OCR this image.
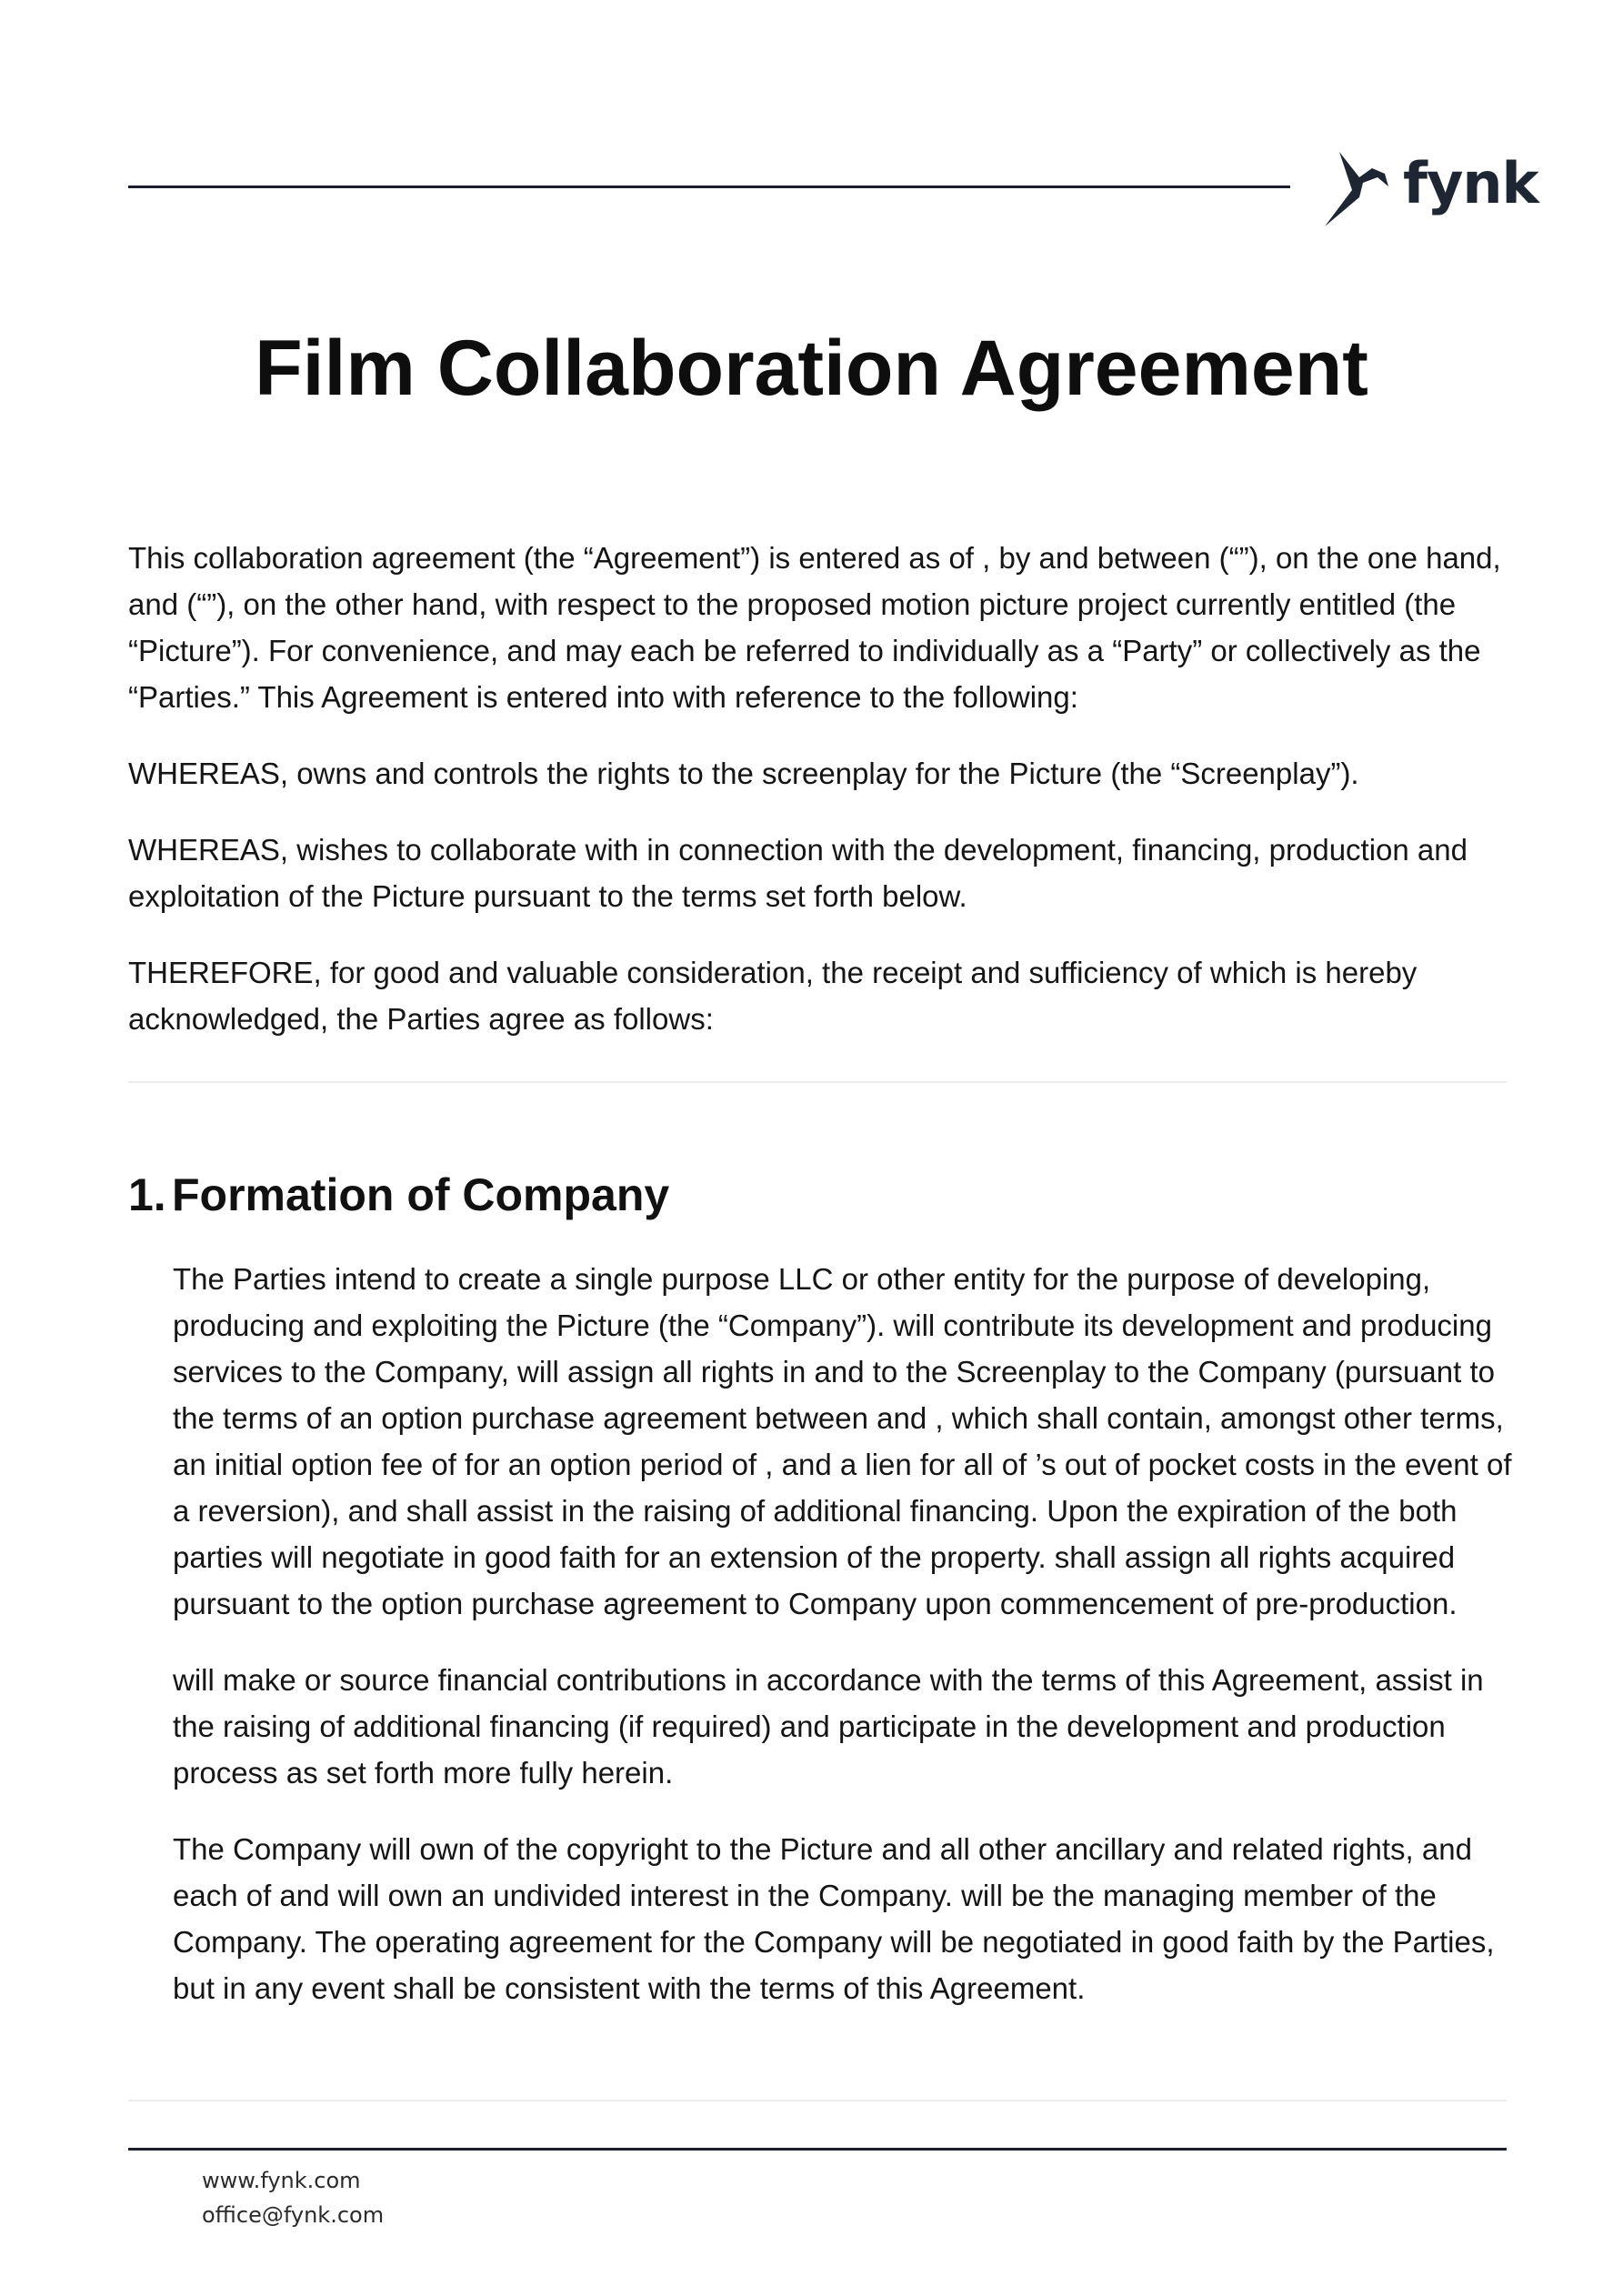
fynk
Film Collaboration Agreement

This collaboration agreement (the “Agreement”) is entered as of , by and between (“”), on the one hand, and (“”), on the other hand, with respect to the proposed motion picture project currently entitled (the “Picture”). For convenience, and may each be referred to individually as a “Party” or collectively as the “Parties.” This Agreement is entered into with reference to the following:

WHEREAS, owns and controls the rights to the screenplay for the Picture (the “Screenplay”).

WHEREAS, wishes to collaborate with in connection with the development, financing, production and exploitation of the Picture pursuant to the terms set forth below.

THEREFORE, for good and valuable consideration, the receipt and sufficiency of which is hereby acknowledged, the Parties agree as follows:

1. Formation of Company

The Parties intend to create a single purpose LLC or other entity for the purpose of developing, producing and exploiting the Picture (the “Company”). will contribute its development and producing services to the Company, will assign all rights in and to the Screenplay to the Company (pursuant to the terms of an option purchase agreement between and , which shall contain, amongst other terms, an initial option fee of for an option period of , and a lien for all of ’s out of pocket costs in the event of a reversion), and shall assist in the raising of additional financing. Upon the expiration of the both parties will negotiate in good faith for an extension of the property. shall assign all rights acquired pursuant to the option purchase agreement to Company upon commencement of pre-production.

will make or source financial contributions in accordance with the terms of this Agreement, assist in the raising of additional financing (if required) and participate in the development and production process as set forth more fully herein.

The Company will own of the copyright to the Picture and all other ancillary and related rights, and each of and will own an undivided interest in the Company. will be the managing member of the Company. The operating agreement for the Company will be negotiated in good faith by the Parties, but in any event shall be consistent with the terms of this Agreement.

www.fynk.com
office@fynk.com
